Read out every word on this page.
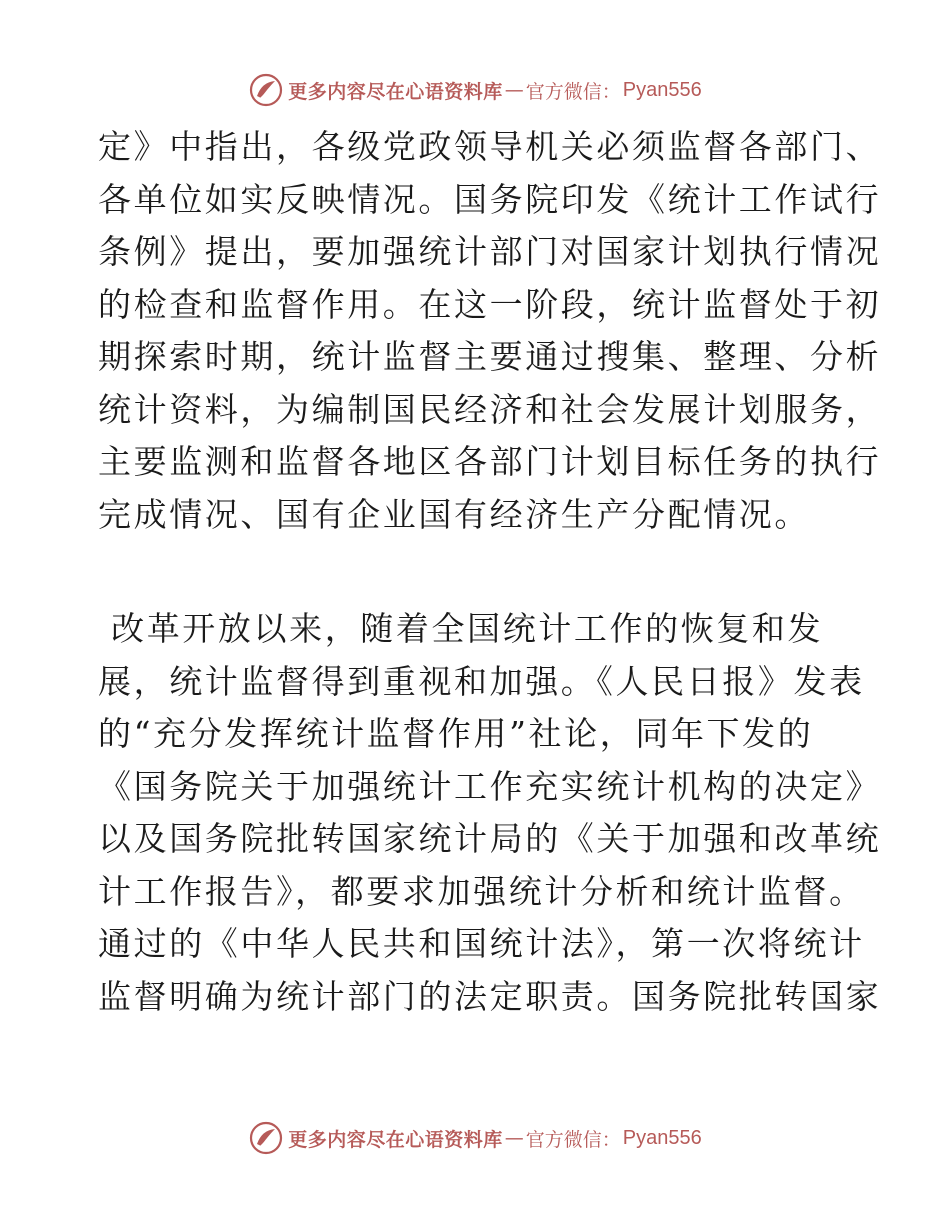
更多内容尽在心语资料库 — 官方微信： Pyan556
定》中指出，各级党政领导机关必须监督各部门、
各单位如实反映情况。国务院印发《统计工作试行
条例》提出，要加强统计部门对国家计划执行情况
的检查和监督作用。在这一阶段，统计监督处于初
期探索时期，统计监督主要通过搜集、整理、分析
统计资料，为编制国民经济和社会发展计划服务，
主要监测和监督各地区各部门计划目标任务的执行
完成情况、国有企业国有经济生产分配情况。
改革开放以来，随着全国统计工作的恢复和发
展，统计监督得到重视和加强。《人民日报》发表
的“充分发挥统计监督作用”社论，同年下发的
《国务院关于加强统计工作充实统计机构的决定》
以及国务院批转国家统计局的《关于加强和改革统
计工作报告》，都要求加强统计分析和统计监督。
通过的《中华人民共和国统计法》，第一次将统计
监督明确为统计部门的法定职责。国务院批转国家
更多内容尽在心语资料库 — 官方微信： Pyan556
